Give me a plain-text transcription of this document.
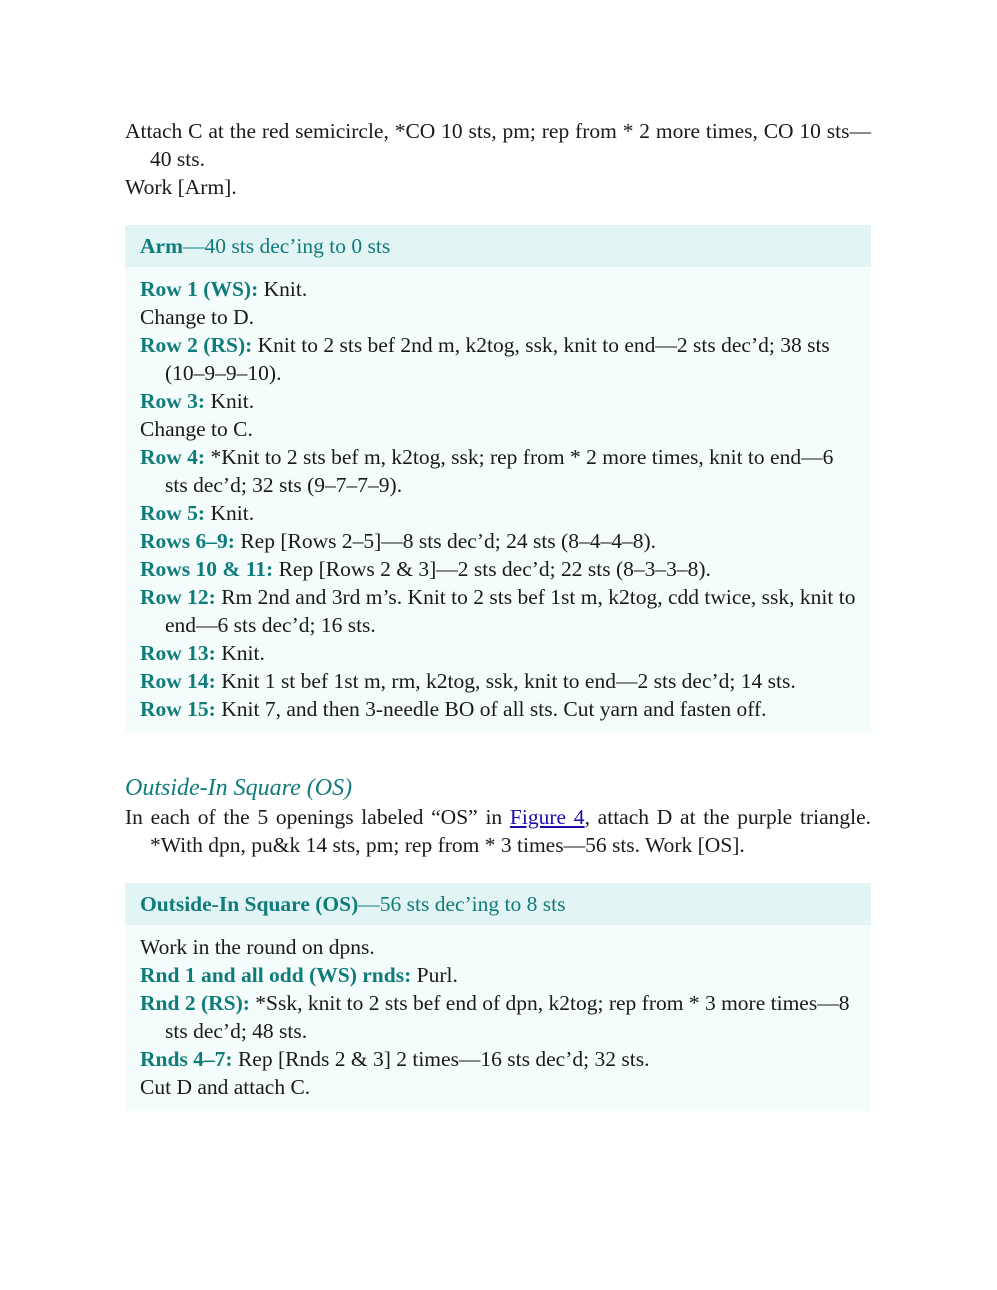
Attach C at the red semicircle, *CO 10 sts, pm; rep from * 2 more times, CO 10 sts—40 sts.

Work [Arm].

Arm—40 sts dec’ing to 0 sts

Row 1 (WS): Knit.

Change to D.

Row 2 (RS): Knit to 2 sts bef 2nd m, k2tog, ssk, knit to end—2 sts dec’d; 38 sts (10–9–9–10).

Row 3: Knit.

Change to C.

Row 4: *Knit to 2 sts bef m, k2tog, ssk; rep from * 2 more times, knit to end—6 sts dec’d; 32 sts (9–7–7–9).

Row 5: Knit.

Rows 6–9: Rep [Rows 2–5]—8 sts dec’d; 24 sts (8–4–4–8).

Rows 10 & 11: Rep [Rows 2 & 3]—2 sts dec’d; 22 sts (8–3–3–8).

Row 12: Rm 2nd and 3rd m’s. Knit to 2 sts bef 1st m, k2tog, cdd twice, ssk, knit to end—6 sts dec’d; 16 sts.

Row 13: Knit.

Row 14: Knit 1 st bef 1st m, rm, k2tog, ssk, knit to end—2 sts dec’d; 14 sts.

Row 15: Knit 7, and then 3-needle BO of all sts. Cut yarn and fasten off.

Outside-In Square (OS)

In each of the 5 openings labeled “OS” in Figure 4, attach D at the purple triangle. *With dpn, pu&k 14 sts, pm; rep from * 3 times—56 sts. Work [OS].

Outside-In Square (OS)—56 sts dec’ing to 8 sts

Work in the round on dpns.

Rnd 1 and all odd (WS) rnds: Purl.

Rnd 2 (RS): *Ssk, knit to 2 sts bef end of dpn, k2tog; rep from * 3 more times—8 sts dec’d; 48 sts.

Rnds 4–7: Rep [Rnds 2 & 3] 2 times—16 sts dec’d; 32 sts.

Cut D and attach C.
